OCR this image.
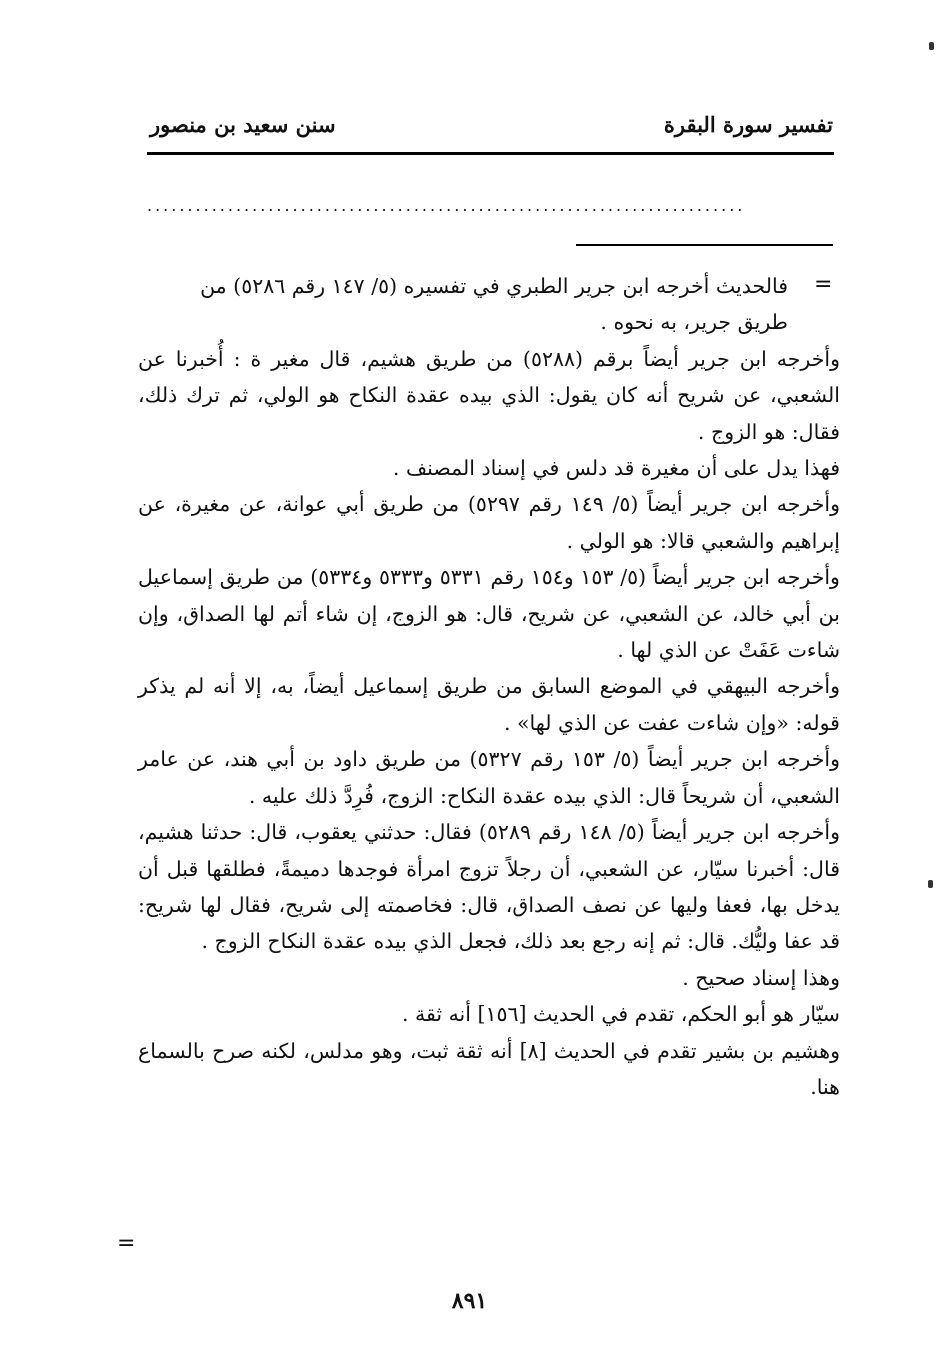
تفسير سورة البقرة
سنن سعيد بن منصور
..........................................................................
=
=

فالحديث أخرجه ابن جرير الطبري في تفسيره (٥/ ١٤٧ رقم ٥٢٨٦) من

طريق جرير، به نحوه .

وأخرجه ابن جرير أيضاً برقم (٥٢٨٨) من طريق هشيم، قال مغير ة : أُخبرنا عن الشعبي، عن شريح أنه كان يقول: الذي بيده عقدة النكاح هو الولي، ثم ترك ذلك، فقال: هو الزوج .

فهذا يدل على أن مغيرة قد دلس في إسناد المصنف .

وأخرجه ابن جرير أيضاً (٥/ ١٤٩ رقم ٥٢٩٧) من طريق أبي عوانة، عن مغيرة، عن إبراهيم والشعبي قالا: هو الولي .

وأخرجه ابن جرير أيضاً (٥/ ١٥٣ و١٥٤ رقم ٥٣٣١ و٥٣٣٣ و٥٣٣٤) من طريق إسماعيل بن أبي خالد، عن الشعبي، عن شريح، قال: هو الزوج، إن شاء أتم لها الصداق، وإن شاءت عَفَتْ عن الذي لها .

وأخرجه البيهقي في الموضع السابق من طريق إسماعيل أيضاً، به، إلا أنه لم يذكر قوله: «وإن شاءت عفت عن الذي لها» .

وأخرجه ابن جرير أيضاً (٥/ ١٥٣ رقم ٥٣٢٧) من طريق داود بن أبي هند، عن عامر الشعبي، أن شريحاً قال: الذي بيده عقدة النكاح: الزوج، فُرِدَّ ذلك عليه .

وأخرجه ابن جرير أيضاً (٥/ ١٤٨ رقم ٥٢٨٩) فقال: حدثني يعقوب، قال: حدثنا هشيم، قال: أخبرنا سيّار، عن الشعبي، أن رجلاً تزوج امرأة فوجدها دميمةً، فطلقها قبل أن يدخل بها، فعفا وليها عن نصف الصداق، قال: فخاصمته إلى شريح، فقال لها شريح: قد عفا وليُّك. قال: ثم إنه رجع بعد ذلك، فجعل الذي بيده عقدة النكاح الزوج .

وهذا إسناد صحيح .

سيّار هو أبو الحكم، تقدم في الحديث [١٥٦] أنه ثقة .

وهشيم بن بشير تقدم في الحديث [٨] أنه ثقة ثبت، وهو مدلس، لكنه صرح بالسماع هنا.

٨٩١
